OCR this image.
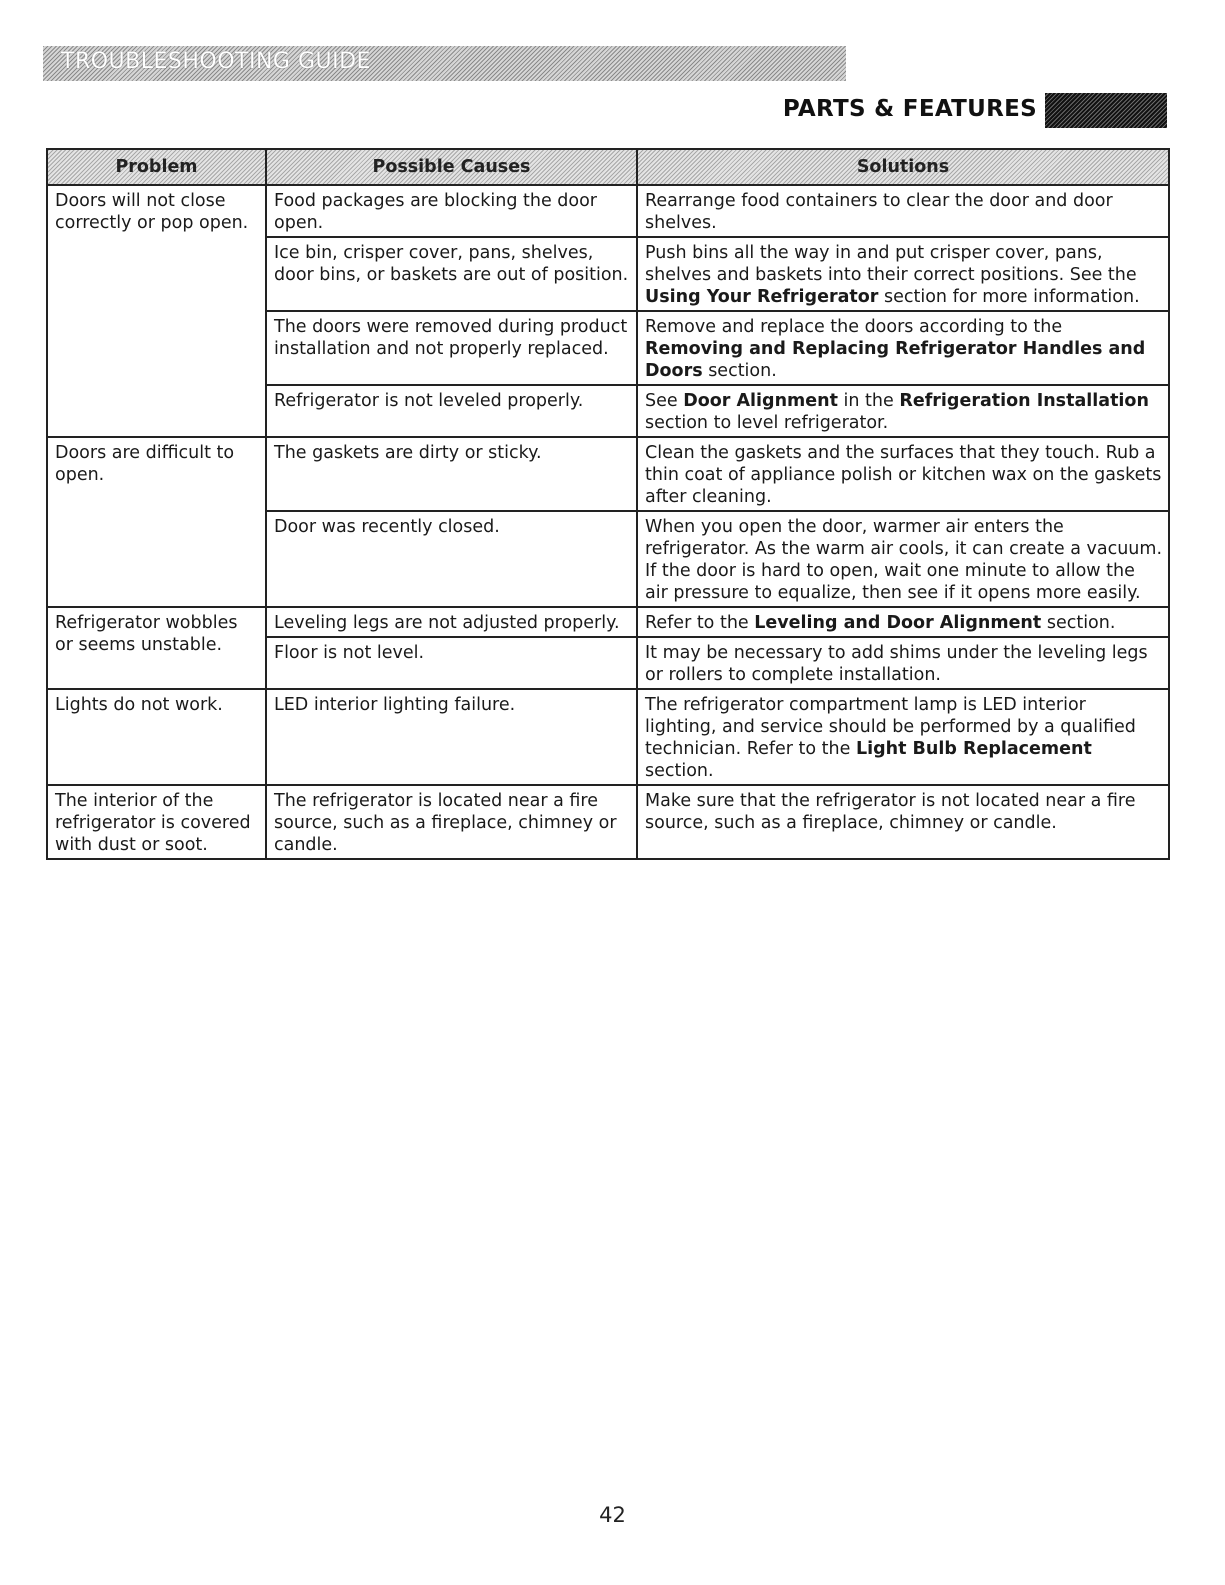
TROUBLESHOOTING GUIDE
PARTS & FEATURES
Problem	Possible Causes	Solutions
Doors will not close correctly or pop open.	Food packages are blocking the door open.	Rearrange food containers to clear the door and door shelves.
	Ice bin, crisper cover, pans, shelves, door bins, or baskets are out of position.	Push bins all the way in and put crisper cover, pans, shelves and baskets into their correct positions. See the Using Your Refrigerator section for more information.
	The doors were removed during product installation and not properly replaced.	Remove and replace the doors according to the Removing and Replacing Refrigerator Handles and Doors section.
	Refrigerator is not leveled properly.	See Door Alignment in the Refrigeration Installation section to level refrigerator.
Doors are difficult to open.	The gaskets are dirty or sticky.	Clean the gaskets and the surfaces that they touch. Rub a thin coat of appliance polish or kitchen wax on the gaskets after cleaning.
	Door was recently closed.	When you open the door, warmer air enters the refrigerator. As the warm air cools, it can create a vacuum. If the door is hard to open, wait one minute to allow the air pressure to equalize, then see if it opens more easily.
Refrigerator wobbles or seems unstable.	Leveling legs are not adjusted properly.	Refer to the Leveling and Door Alignment section.
	Floor is not level.	It may be necessary to add shims under the leveling legs or rollers to complete installation.
Lights do not work.	LED interior lighting failure.	The refrigerator compartment lamp is LED interior lighting, and service should be performed by a qualified technician. Refer to the Light Bulb Replacement section.
The interior of the refrigerator is covered with dust or soot.	The refrigerator is located near a fire source, such as a fireplace, chimney or candle.	Make sure that the refrigerator is not located near a fire source, such as a fireplace, chimney or candle.
42
